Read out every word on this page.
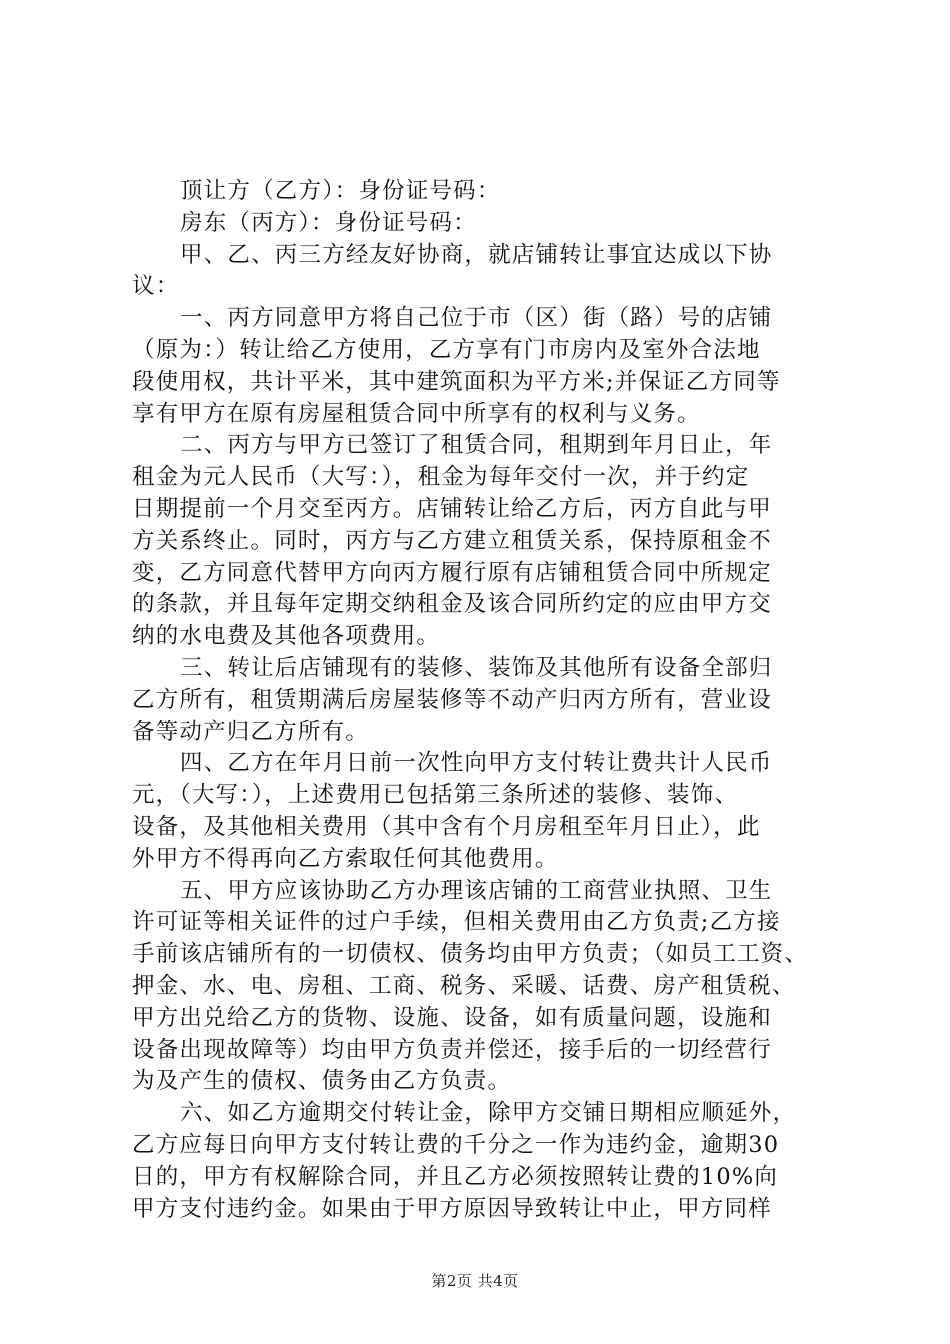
顶让方（乙方）：身份证号码：
房东（丙方）：身份证号码：
甲、乙、丙三方经友好协商，就店铺转让事宜达成以下协
议：
一、丙方同意甲方将自己位于市（区）街（路）号的店铺
（原为：）转让给乙方使用，乙方享有门市房内及室外合法地
段使用权，共计平米，其中建筑面积为平方米;并保证乙方同等
享有甲方在原有房屋租赁合同中所享有的权利与义务。
二、丙方与甲方已签订了租赁合同，租期到年月日止，年
租金为元人民币（大写：），租金为每年交付一次，并于约定
日期提前一个月交至丙方。店铺转让给乙方后，丙方自此与甲
方关系终止。同时，丙方与乙方建立租赁关系，保持原租金不
变，乙方同意代替甲方向丙方履行原有店铺租赁合同中所规定
的条款，并且每年定期交纳租金及该合同所约定的应由甲方交
纳的水电费及其他各项费用。
三、转让后店铺现有的装修、装饰及其他所有设备全部归
乙方所有，租赁期满后房屋装修等不动产归丙方所有，营业设
备等动产归乙方所有。
四、乙方在年月日前一次性向甲方支付转让费共计人民币
元，（大写：），上述费用已包括第三条所述的装修、装饰、
设备，及其他相关费用（其中含有个月房租至年月日止），此
外甲方不得再向乙方索取任何其他费用。
五、甲方应该协助乙方办理该店铺的工商营业执照、卫生
许可证等相关证件的过户手续，但相关费用由乙方负责;乙方接
手前该店铺所有的一切债权、债务均由甲方负责；（如员工工资、
押金、水、电、房租、工商、税务、采暖、话费、房产租赁税、
甲方出兑给乙方的货物、设施、设备，如有质量问题，设施和
设备出现故障等）均由甲方负责并偿还，接手后的一切经营行
为及产生的债权、债务由乙方负责。
六、如乙方逾期交付转让金，除甲方交铺日期相应顺延外，
乙方应每日向甲方支付转让费的千分之一作为违约金，逾期30
日的，甲方有权解除合同，并且乙方必须按照转让费的10%向
甲方支付违约金。如果由于甲方原因导致转让中止，甲方同样
第2页 共4页
